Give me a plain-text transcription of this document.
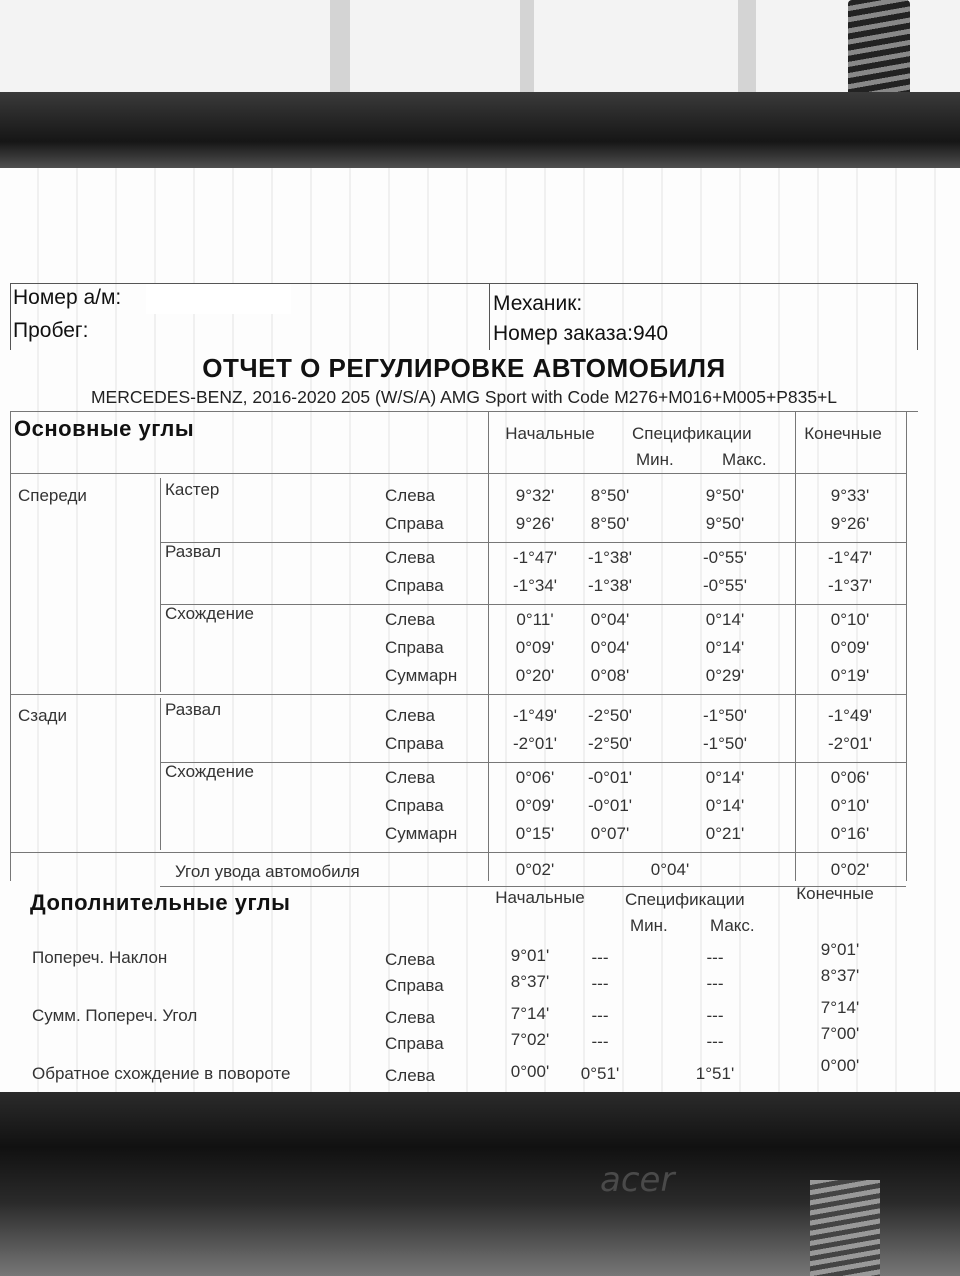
acer
Номер а/м:
Пробег:
Механик:
Номер заказа:940
ОТЧЕТ О РЕГУЛИРОВКЕ АВТОМОБИЛЯ
MERCEDES-BENZ, 2016-2020 205 (W/S/A) AMG Sport with Code M276+M016+M005+P835+L
Основные углы	Начальные	Спецификации
Мин.	Макс.
Конечные
Спереди	Кастер	Слева	9°32'	8°50'	9°50'	9°33'
Справа	9°26'	8°50'	9°50'	9°26'
Развал	Слева	-1°47'	-1°38'	-0°55'	-1°47'
Справа	-1°34'	-1°38'	-0°55'	-1°37'
Схождение	Слева	0°11'	0°04'	0°14'	0°10'
Справа	0°09'	0°04'	0°14'	0°09'
Суммарн	0°20'	0°08'	0°29'	0°19'
Сзади	Развал	Слева	-1°49'	-2°50'	-1°50'	-1°49'
Справа	-2°01'	-2°50'	-1°50'	-2°01'
Схождение	Слева	0°06'	-0°01'	0°14'	0°06'
Справа	0°09'	-0°01'	0°14'	0°10'
Суммарн	0°15'	0°07'	0°21'	0°16'
Угол увода автомобиля	0°02'	0°04'	0°02'
Дополнительные углы	Начальные	Спецификации
Мин. Макс.
Конечные
Попереч. Наклон	Слева	9°01'	---	---	9°01'
Справа	8°37'	---	---	8°37'
Сумм. Попереч. Угол	Слева	7°14'	---	---	7°14'
Справа	7°02'	---	---	7°00'
Обратное схождение в повороте	Слева	0°00'	0°51'	1°51'	0°00'
